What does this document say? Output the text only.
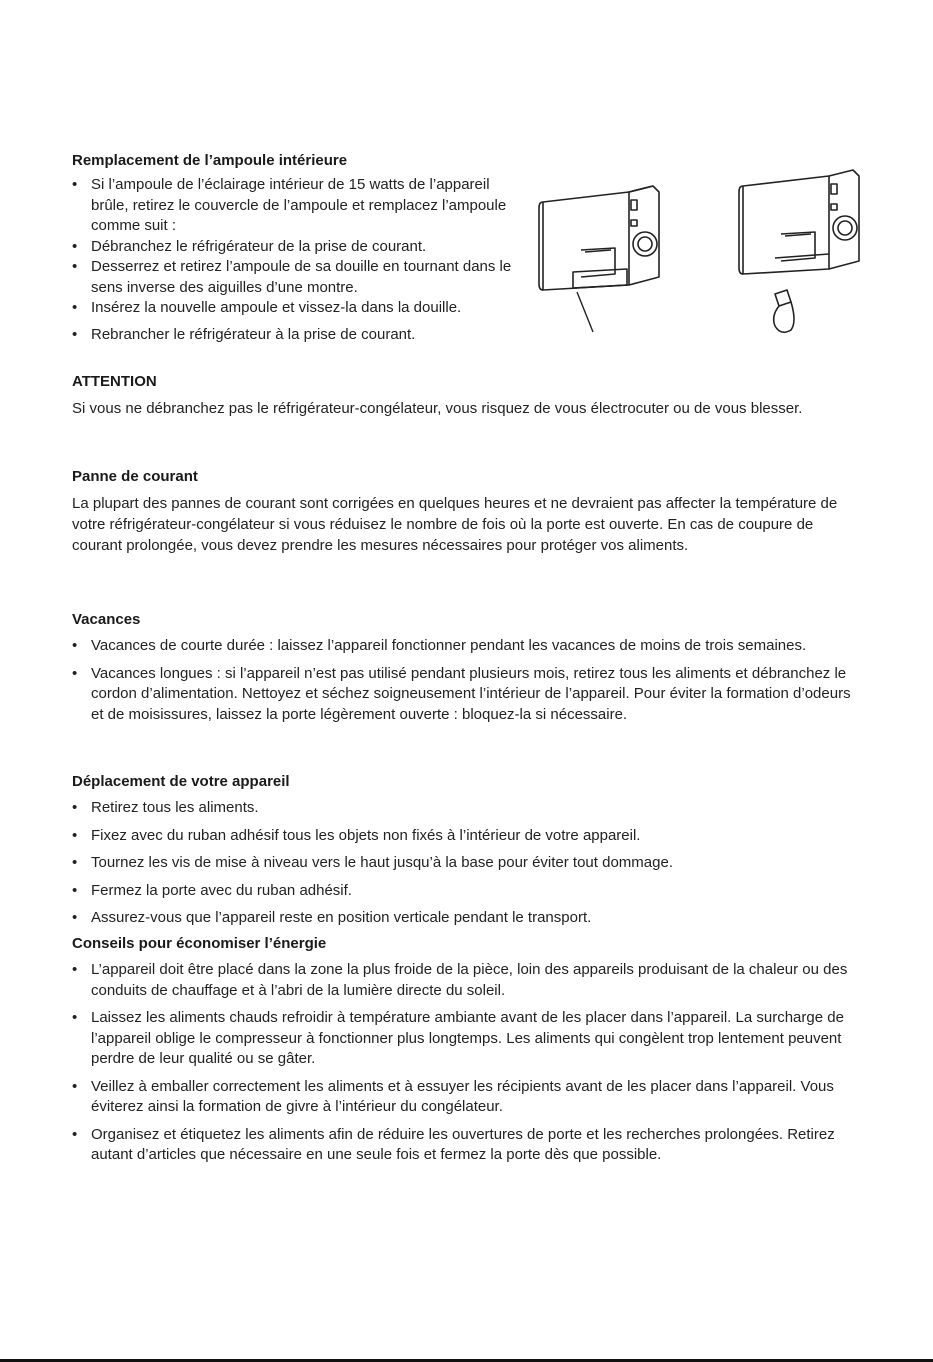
Remplacement de l’ampoule intérieure
• Si l’ampoule de l’éclairage intérieur de 15 watts de l’appareil brûle, retirez le couvercle de l’ampoule et remplacez l’ampoule comme suit :
• Débranchez le réfrigérateur de la prise de courant.
• Desserrez et retirez l’ampoule de sa douille en tournant dans le sens inverse des aiguilles d’une montre.
• Insérez la nouvelle ampoule et vissez-la dans la douille.
• Rebrancher le réfrigérateur à la prise de courant.
ATTENTION

Si vous ne débranchez pas le réfrigérateur-congélateur, vous risquez de vous électrocuter ou de vous blesser.

Panne de courant

La plupart des pannes de courant sont corrigées en quelques heures et ne devraient pas affecter la température de votre réfrigérateur-congélateur si vous réduisez le nombre de fois où la porte est ouverte. En cas de coupure de courant prolongée, vous devez prendre les mesures nécessaires pour protéger vos aliments.

Vacances
• Vacances de courte durée : laissez l’appareil fonctionner pendant les vacances de moins de trois semaines.
• Vacances longues : si l’appareil n’est pas utilisé pendant plusieurs mois, retirez tous les aliments et débranchez le cordon d’alimentation. Nettoyez et séchez soigneusement l’intérieur de l’appareil. Pour éviter la formation d’odeurs et de moisissures, laissez la porte légèrement ouverte : bloquez-la si nécessaire.
Déplacement de votre appareil
• Retirez tous les aliments.
• Fixez avec du ruban adhésif tous les objets non fixés à l’intérieur de votre appareil.
• Tournez les vis de mise à niveau vers le haut jusqu’à la base pour éviter tout dommage.
• Fermez la porte avec du ruban adhésif.
• Assurez-vous que l’appareil reste en position verticale pendant le transport.
Conseils pour économiser l’énergie
• L’appareil doit être placé dans la zone la plus froide de la pièce, loin des appareils produisant de la chaleur ou des conduits de chauffage et à l’abri de la lumière directe du soleil.
• Laissez les aliments chauds refroidir à température ambiante avant de les placer dans l’appareil. La surcharge de l’appareil oblige le compresseur à fonctionner plus longtemps. Les aliments qui congèlent trop lentement peuvent perdre de leur qualité ou se gâter.
• Veillez à emballer correctement les aliments et à essuyer les récipients avant de les placer dans l’appareil. Vous éviterez ainsi la formation de givre à l’intérieur du congélateur.
• Organisez et étiquetez les aliments afin de réduire les ouvertures de porte et les recherches prolongées. Retirez autant d’articles que nécessaire en une seule fois et fermez la porte dès que possible.
